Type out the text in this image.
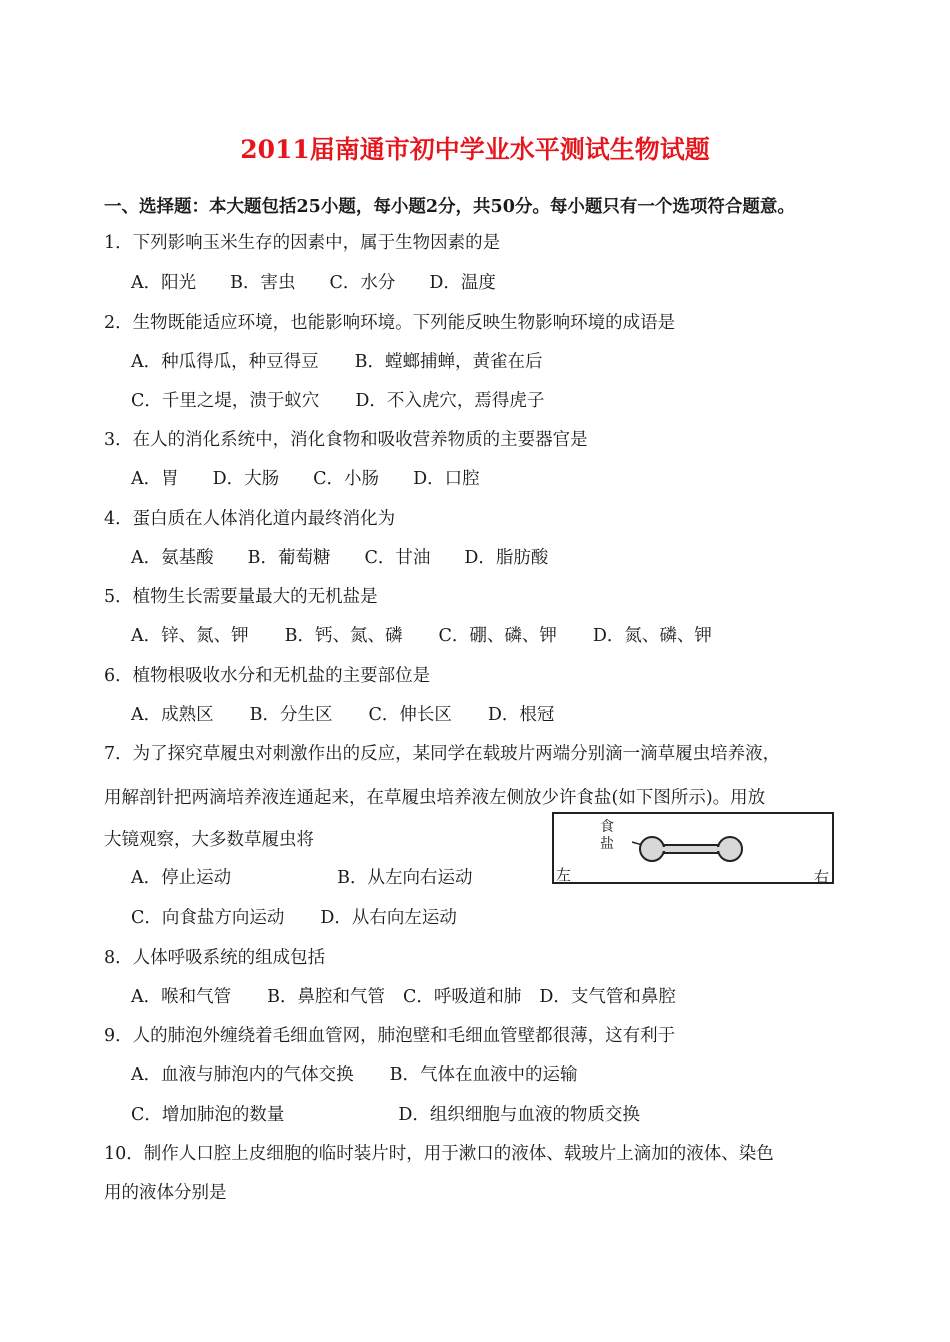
2011届南通市初中学业水平测试生物试题
一、选择题：本大题包括25小题，每小题2分，共50分。每小题只有一个选项符合题意。
1．下列影响玉米生存的因素中，属于生物因素的是
A．阳光 B．害虫 C．水分 D．温度
2．生物既能适应环境，也能影响环境。下列能反映生物影响环境的成语是
A．种瓜得瓜，种豆得豆 B．螳螂捕蝉，黄雀在后
C．千里之堤，溃于蚁穴 D．不入虎穴，焉得虎子
3．在人的消化系统中，消化食物和吸收营养物质的主要器官是
A．胃 D．大肠 C．小肠 D．口腔
4．蛋白质在人体消化道内最终消化为
A．氨基酸 B．葡萄糖 C．甘油 D．脂肪酸
5．植物生长需要量最大的无机盐是
A．锌、氮、钾 B．钙、氮、磷 C．硼、磷、钾 D．氮、磷、钾
6．植物根吸收水分和无机盐的主要部位是
A．成熟区 B．分生区 C．伸长区 D．根冠
7．为了探究草履虫对刺激作出的反应，某同学在载玻片两端分别滴一滴草履虫培养液，
用解剖针把两滴培养液连通起来，在草履虫培养液左侧放少许食盐(如下图所示)。用放
大镜观察，大多数草履虫将
A．停止运动	B．从左向右运动
C．向食盐方向运动 D．从右向左运动
食
盐
左	右
8．人体呼吸系统的组成包括
A．喉和气管 B．鼻腔和气管 C．呼吸道和肺 D．支气管和鼻腔
9．人的肺泡外缠绕着毛细血管网，肺泡壁和毛细血管壁都很薄，这有利于
A．血液与肺泡内的气体交换 B．气体在血液中的运输
C．增加肺泡的数量	D．组织细胞与血液的物质交换
10．制作人口腔上皮细胞的临时装片时，用于漱口的液体、载玻片上滴加的液体、染色
用的液体分别是
